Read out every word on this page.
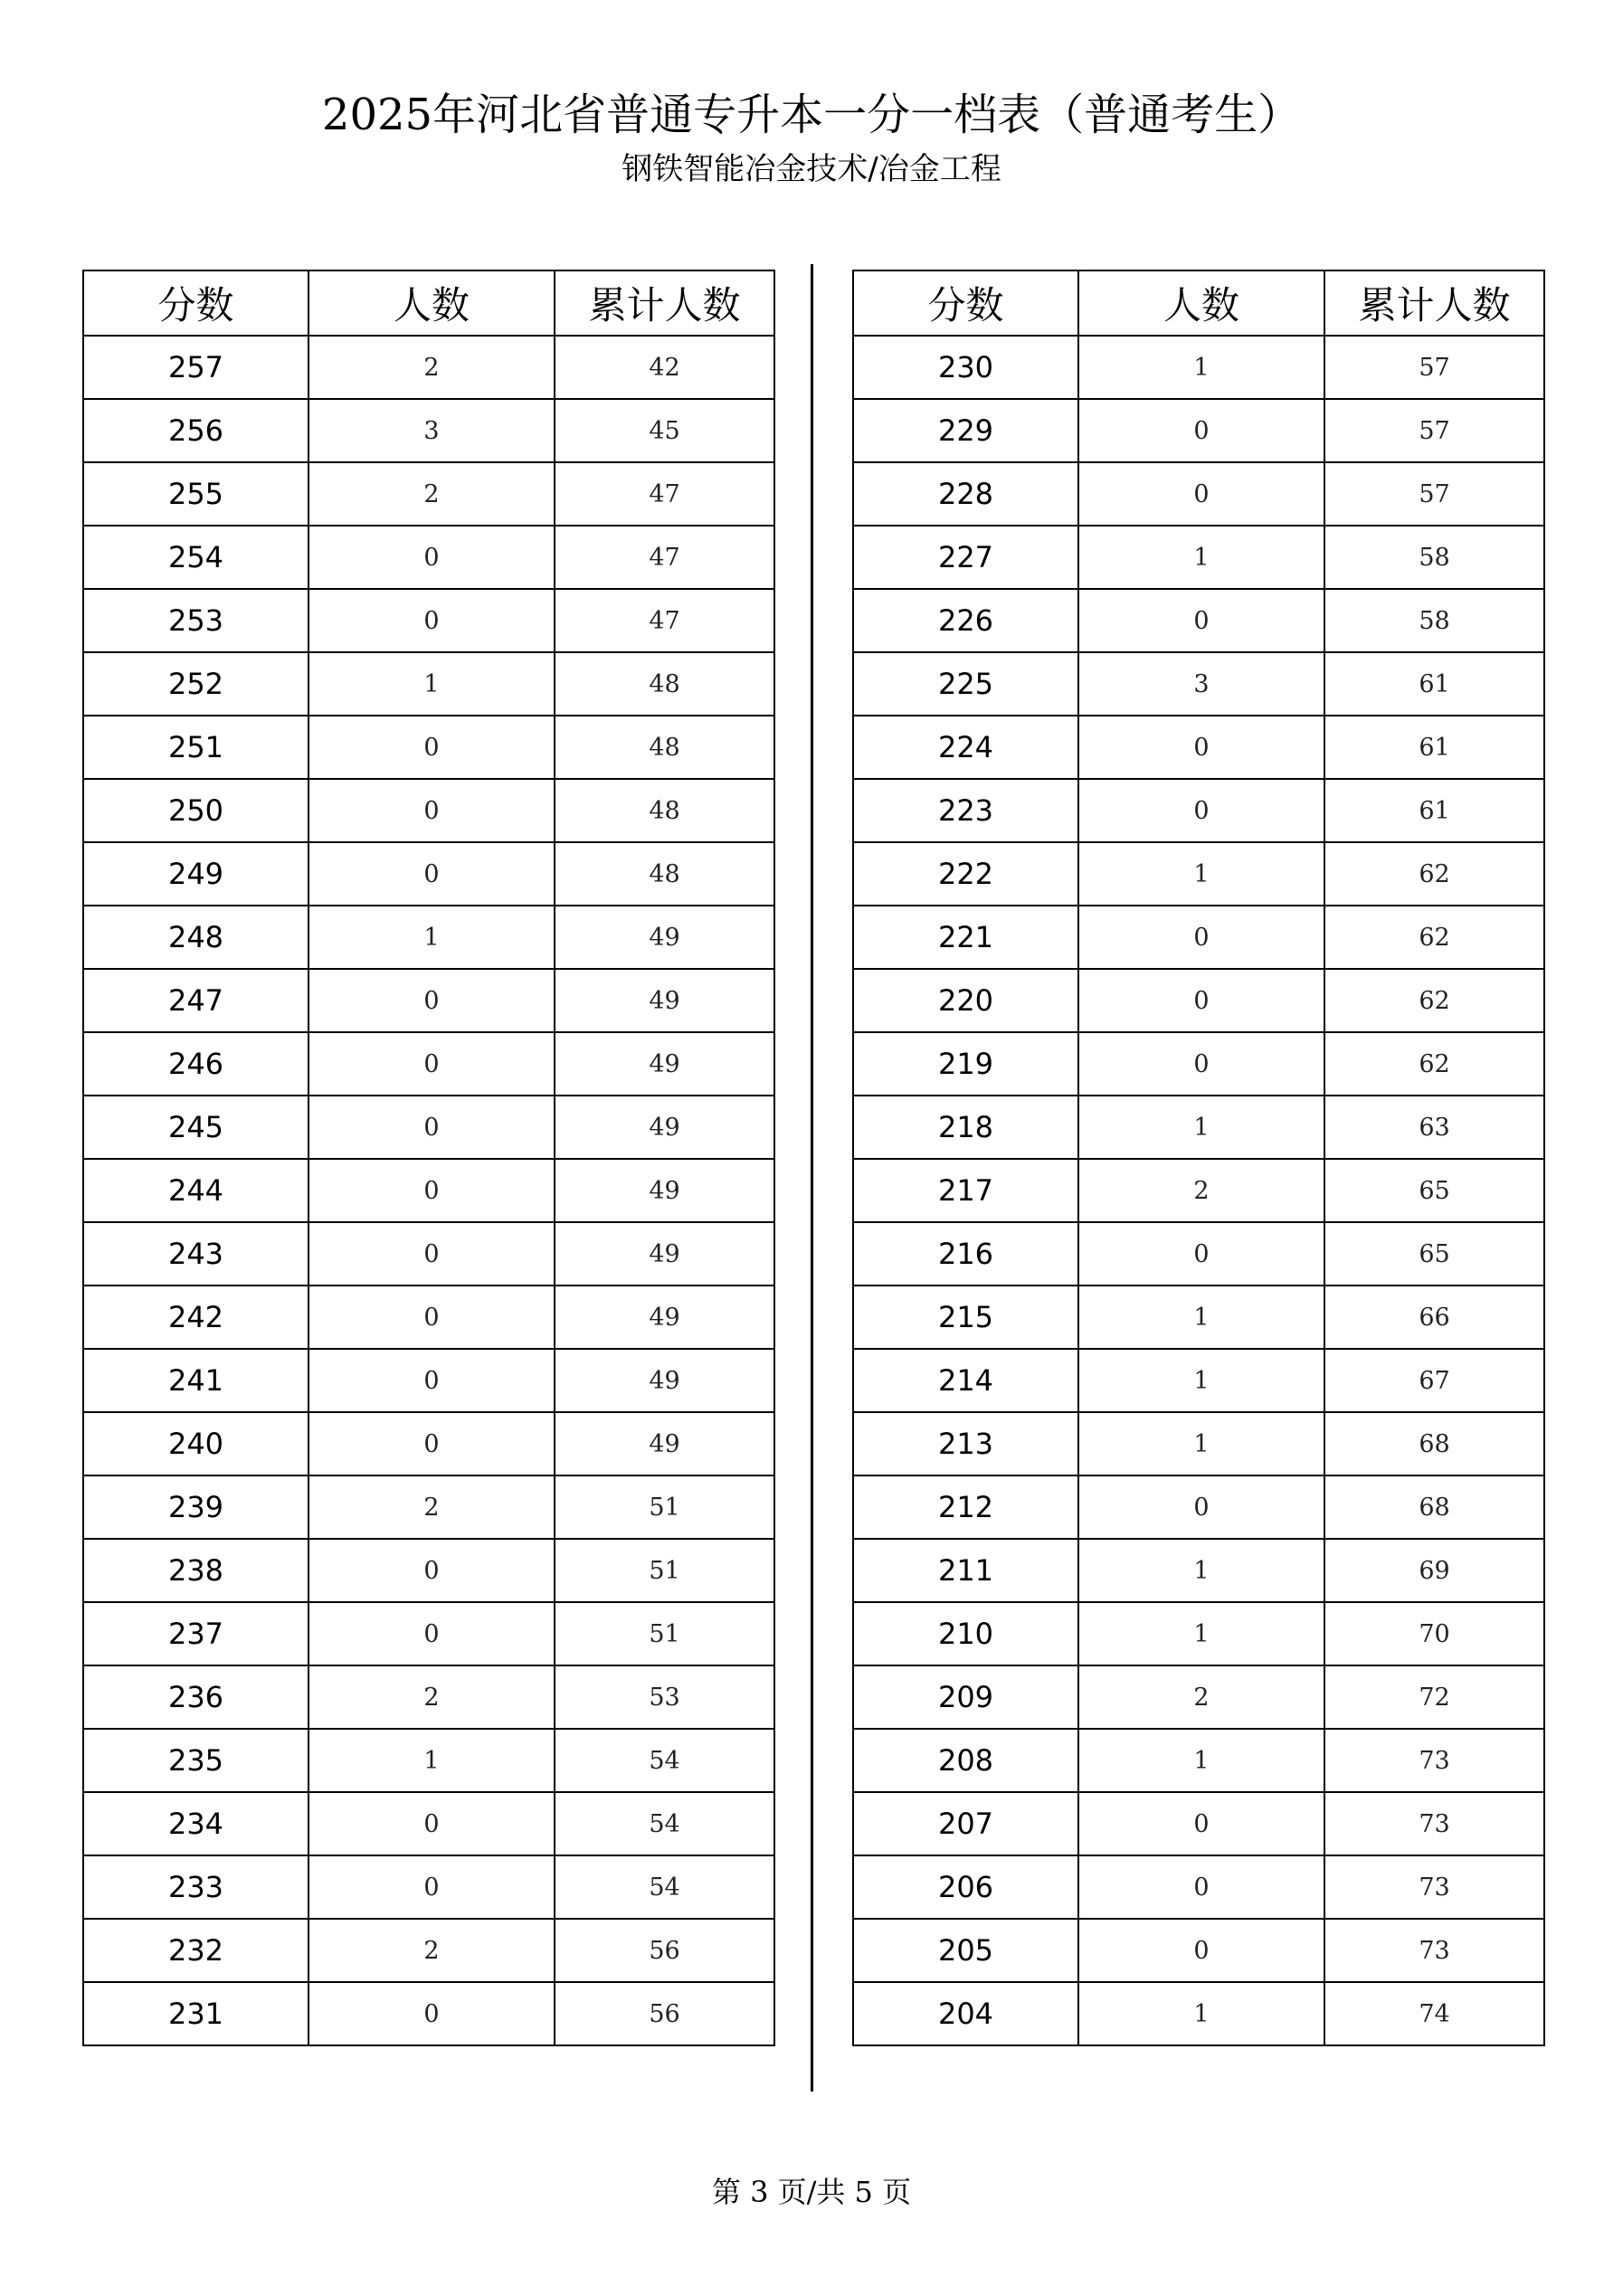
2025年河北省普通专升本一分一档表（普通考生）
钢铁智能冶金技术/冶金工程
分数	人数	累计人数
257	2	42
256	3	45
255	2	47
254	0	47
253	0	47
252	1	48
251	0	48
250	0	48
249	0	48
248	1	49
247	0	49
246	0	49
245	0	49
244	0	49
243	0	49
242	0	49
241	0	49
240	0	49
239	2	51
238	0	51
237	0	51
236	2	53
235	1	54
234	0	54
233	0	54
232	2	56
231	0	56
分数	人数	累计人数
230	1	57
229	0	57
228	0	57
227	1	58
226	0	58
225	3	61
224	0	61
223	0	61
222	1	62
221	0	62
220	0	62
219	0	62
218	1	63
217	2	65
216	0	65
215	1	66
214	1	67
213	1	68
212	0	68
211	1	69
210	1	70
209	2	72
208	1	73
207	0	73
206	0	73
205	0	73
204	1	74
第 3 页/共 5 页
